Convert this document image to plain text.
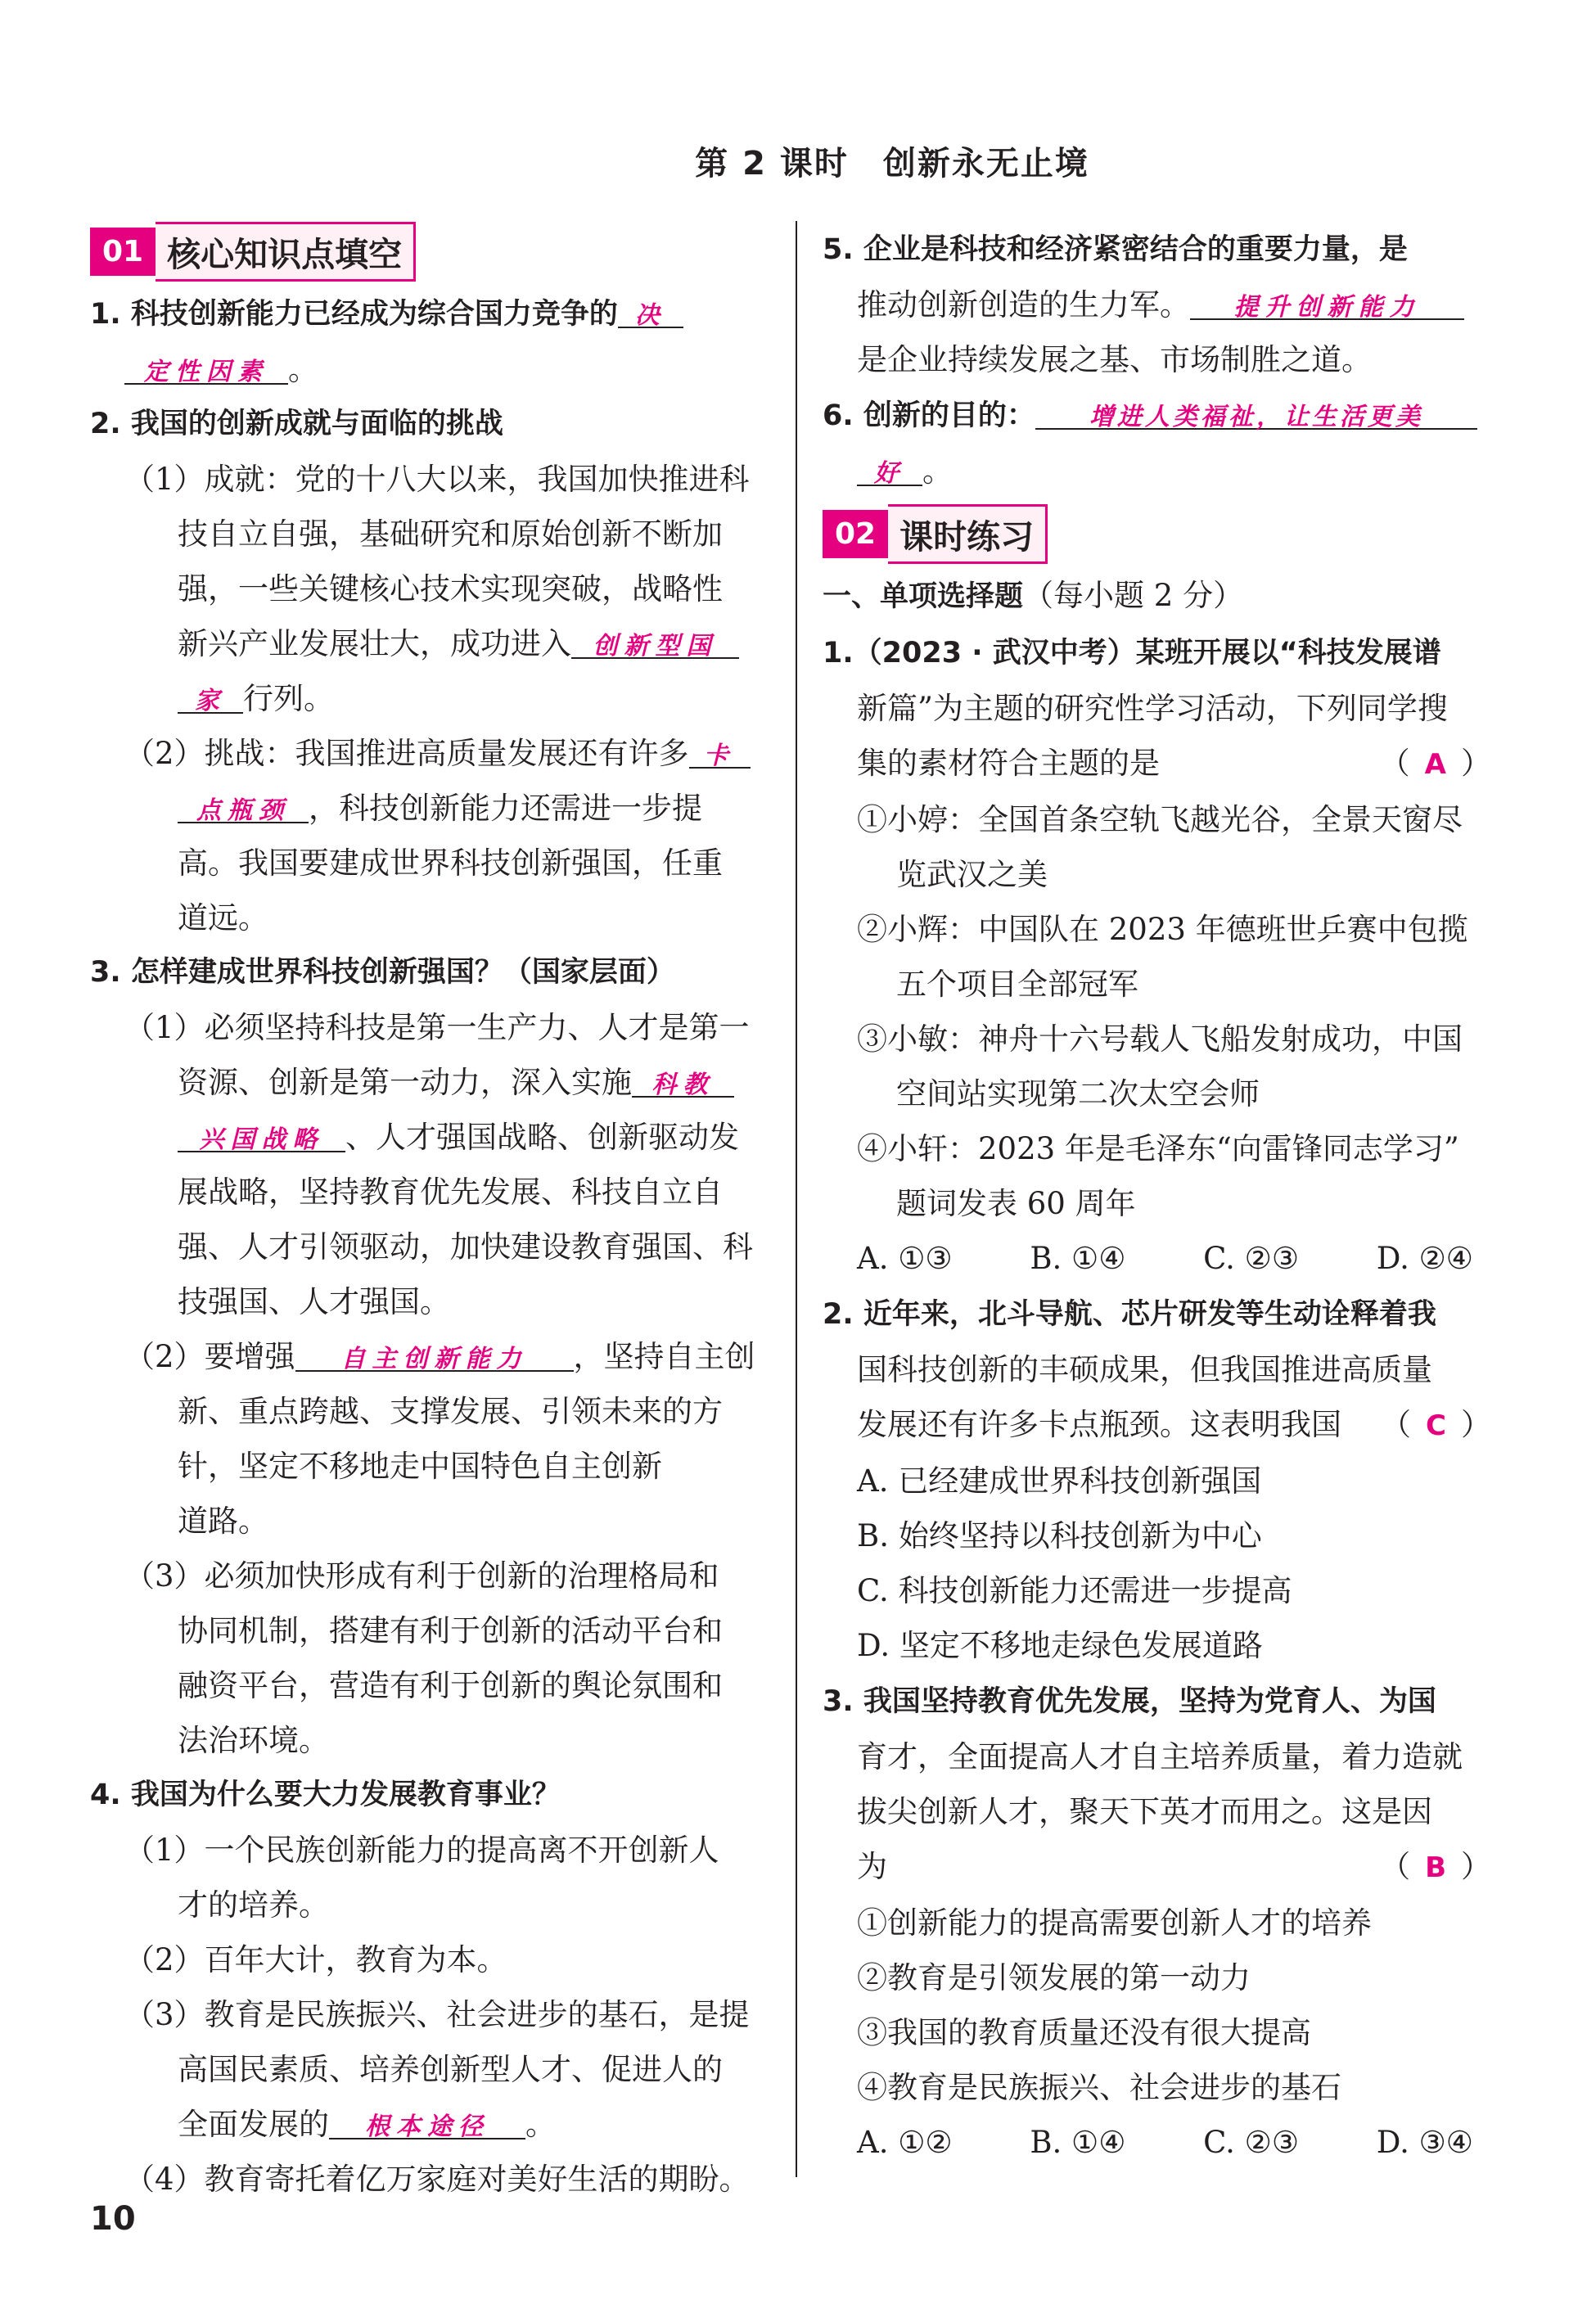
第 2 课时　创新永无止境
01 核心知识点填空
1. 科技创新能力已经成为综合国力竞争的 决
定性因素 。
2. 我国的创新成就与面临的挑战
（1）成就：党的十八大以来，我国加快推进科
技自立自强，基础研究和原始创新不断加
强，一些关键核心技术实现突破，战略性
新兴产业发展壮大，成功进入 创新型国
家 行列。
（2）挑战：我国推进高质量发展还有许多 卡
点瓶颈 ，科技创新能力还需进一步提
高。我国要建成世界科技创新强国，任重
道远。
3. 怎样建成世界科技创新强国？（国家层面）
（1）必须坚持科技是第一生产力、人才是第一
资源、创新是第一动力，深入实施 科教
兴国战略 、人才强国战略、创新驱动发
展战略，坚持教育优先发展、科技自立自
强、人才引领驱动，加快建设教育强国、科
技强国、人才强国。
（2）要增强 自主创新能力 ，坚持自主创
新、重点跨越、支撑发展、引领未来的方
针，坚定不移地走中国特色自主创新
道路。
（3）必须加快形成有利于创新的治理格局和
协同机制，搭建有利于创新的活动平台和
融资平台，营造有利于创新的舆论氛围和
法治环境。
4. 我国为什么要大力发展教育事业？
（1）一个民族创新能力的提高离不开创新人
才的培养。
（2）百年大计，教育为本。
（3）教育是民族振兴、社会进步的基石，是提
高国民素质、培养创新型人才、促进人的
全面发展的 根本途径 。
（4）教育寄托着亿万家庭对美好生活的期盼。
5. 企业是科技和经济紧密结合的重要力量，是
推动创新创造的生力军。 提升创新能力
是企业持续发展之基、市场制胜之道。
6. 创新的目的： 增进人类福祉，让生活更美
好 。
02 课时练习
一、单项选择题（每小题 2 分）
1.（2023 · 武汉中考）某班开展以“科技发展谱
新篇”为主题的研究性学习活动，下列同学搜
集的素材符合主题的是	（A）
①小婷：全国首条空轨飞越光谷，全景天窗尽
览武汉之美
②小辉：中国队在 2023 年德班世乒赛中包揽
五个项目全部冠军
③小敏：神舟十六号载人飞船发射成功，中国
空间站实现第二次太空会师
④小轩：2023 年是毛泽东“向雷锋同志学习”
题词发表 60 周年
A. ①③	B. ①④	C. ②③	D. ②④
2. 近年来，北斗导航、芯片研发等生动诠释着我
国科技创新的丰硕成果，但我国推进高质量
发展还有许多卡点瓶颈。这表明我国 （C）
A. 已经建成世界科技创新强国
B. 始终坚持以科技创新为中心
C. 科技创新能力还需进一步提高
D. 坚定不移地走绿色发展道路
3. 我国坚持教育优先发展，坚持为党育人、为国
育才，全面提高人才自主培养质量，着力造就
拔尖创新人才，聚天下英才而用之。这是因
为	（B）
①创新能力的提高需要创新人才的培养
②教育是引领发展的第一动力
③我国的教育质量还没有很大提高
④教育是民族振兴、社会进步的基石
A. ①②	B. ①④	C. ②③	D. ③④
10
